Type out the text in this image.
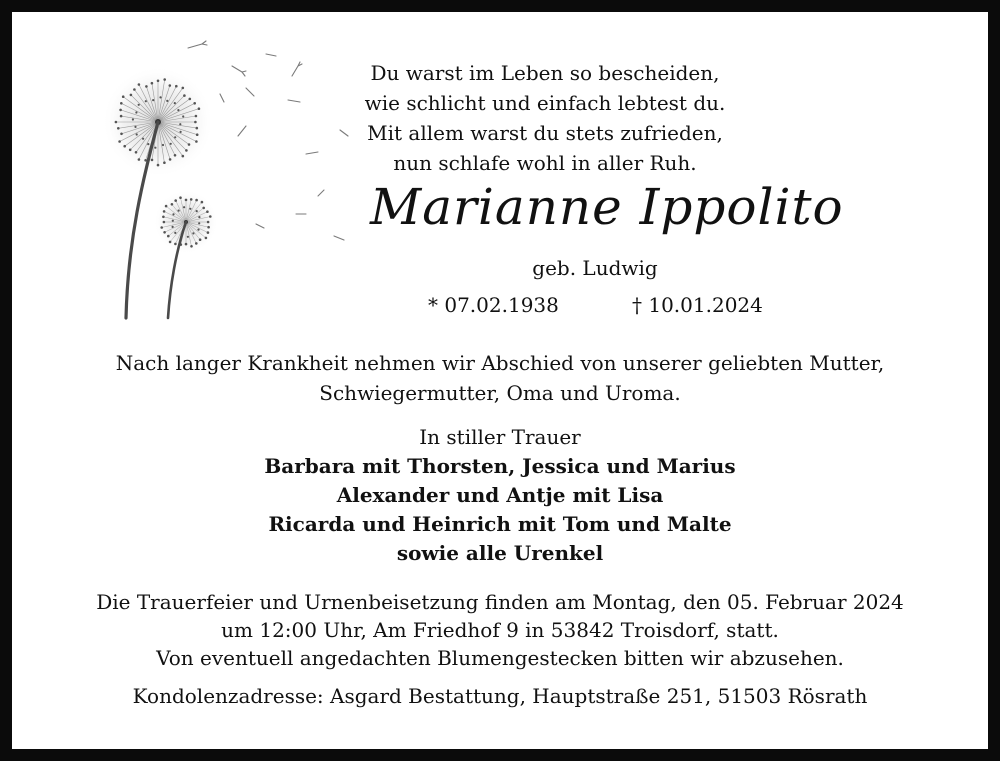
Du warst im Leben so bescheiden,
wie schlicht und einfach lebtest du.
Mit allem warst du stets zufrieden,
nun schlafe wohl in aller Ruh.
Marianne Ippolito
geb. Ludwig
* 07.02.1938	† 10.01.2024
Nach langer Krankheit nehmen wir Abschied von unserer geliebten Mutter,
Schwiegermutter, Oma und Uroma.
In stiller Trauer
Barbara mit Thorsten, Jessica und Marius
Alexander und Antje mit Lisa
Ricarda und Heinrich mit Tom und Malte
sowie alle Urenkel
Die Trauerfeier und Urnenbeisetzung finden am Montag, den 05. Februar 2024
um 12:00 Uhr, Am Friedhof 9 in 53842 Troisdorf, statt.
Von eventuell angedachten Blumengestecken bitten wir abzusehen.
Kondolenzadresse: Asgard Bestattung, Hauptstraße 251, 51503 Rösrath
